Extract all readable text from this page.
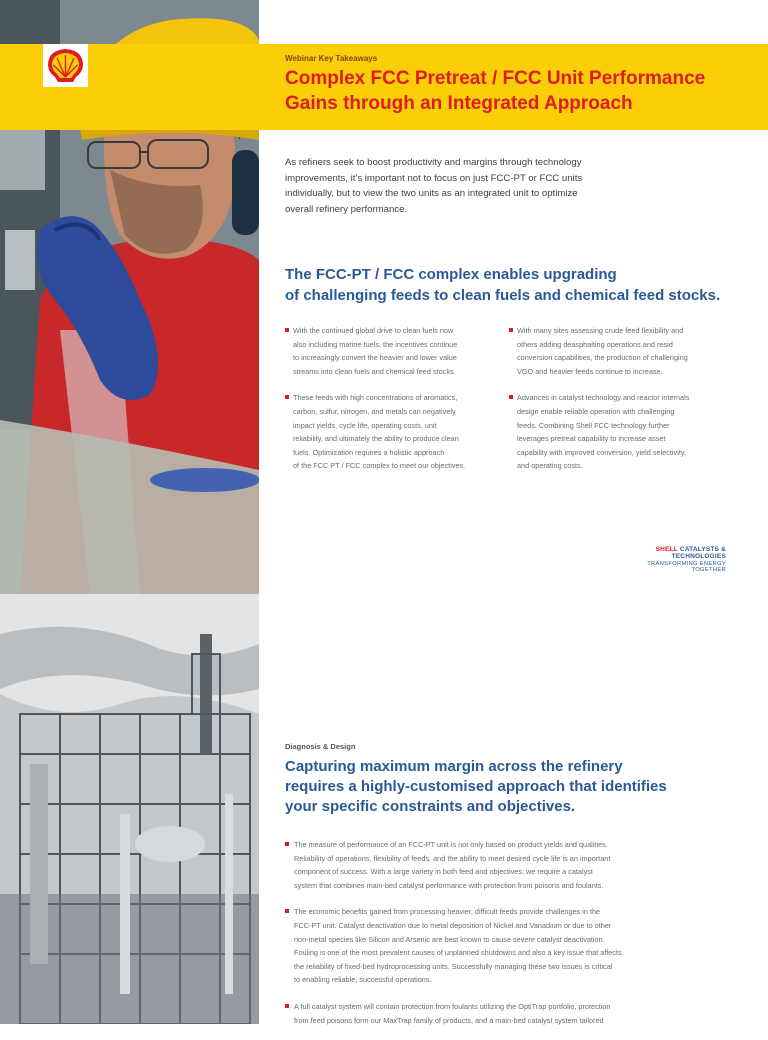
Webinar Key Takeaways
Complex FCC Pretreat / FCC Unit Performance
Gains through an Integrated Approach

As refiners seek to boost productivity and margins through technology
improvements, it’s important not to focus on just FCC-PT or FCC units
individually, but to view the two units as an integrated unit to optimize
overall refinery performance.

The FCC-PT / FCC complex enables upgrading
of challenging feeds to clean fuels and chemical feed stocks.

With the continued global drive to clean fuels now
also including marine fuels, the incentives continue
to increasingly convert the heavier and lower value
streams into clean fuels and chemical feed stocks.

These feeds with high concentrations of aromatics,
carbon, sulfur, nitrogen, and metals can negatively
impact yields, cycle life, operating costs, unit
reliability, and ultimately the ability to produce clean
fuels. Optimization requires a holistic approach
of the FCC PT / FCC complex to meet our objectives.

With many sites assessing crude feed flexibility and
others adding deasphalting operations and resid
conversion capabilities, the production of challenging
VGO and heavier feeds continue to increase.

Advances in catalyst technology and reactor internals
design enable reliable operation with challenging
feeds. Combining Shell FCC technology further
leverages pretreat capability to increase asset
capability with improved conversion, yield selectivity,
and operating costs.

SHELL CATALYSTS & TECHNOLOGIES
TRANSFORMING ENERGY TOGETHER
Diagnosis & Design
Capturing maximum margin across the refinery
requires a highly-customised approach that identifies
your specific constraints and objectives.

The measure of performance of an FCC-PT unit is not only based on product yields and qualities.
Reliability of operations, flexibility of feeds, and the ability to meet desired cycle life is an important
component of success. With a large variety in both feed and objectives, we require a catalyst
system that combines main-bed catalyst performance with protection from poisons and foulants.

The economic benefits gained from processing heavier, difficult feeds provide challenges in the
FCC-PT unit. Catalyst deactivation due to metal deposition of Nickel and Vanadium or due to other
non-metal species like Silicon and Arsenic are best known to cause severe catalyst deactivation.
Fouling is one of the most prevalent causes of unplanned shutdowns and also a key issue that affects
the reliability of fixed-bed hydroprocessing units. Successfully managing these two issues is critical
to enabling reliable, successful operations.

A full catalyst system will contain protection from foulants utilizing the OptiTrap portfolio, protection
from feed poisons form our MaxTrap family of products, and a main-bed catalyst system tailored
